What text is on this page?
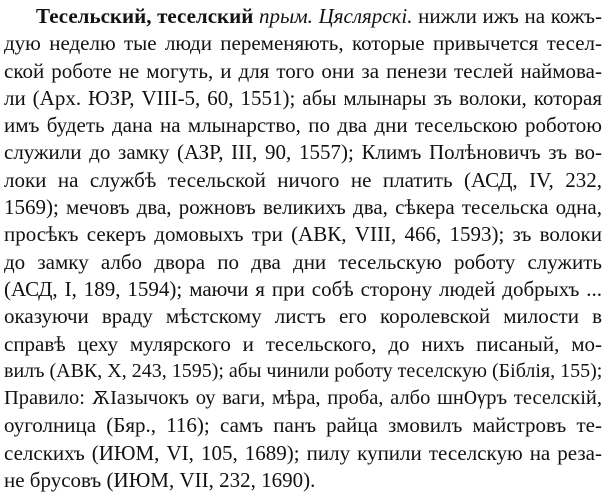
Тесельский, теселский прым. Цяслярскі. нижли ижъ на кожъ-
дую неделю тые люди переменяють, которые привычется тесел-
ской роботе не могуть, и для того они за пенези теслей наймова-
ли (Арх. ЮЗР, VIII-5, 60, 1551); абы млынары зъ волоки, которая
имъ будеть дана на млынарство, по два дни тесельскою роботою
служили до замку (АЗР, III, 90, 1557); Климъ Полѣновичъ зъ во-
локи на службѣ тесельской ничого не платить (АСД, IV, 232,
1569); мечовъ два, рожновъ великихъ два, сѣкера тесельска одна,
просѣкъ секеръ домовыхъ три (АВК, VIII, 466, 1593); зъ волоки
до замку албо двора по два дни тесельскую роботу служить
(АСД, I, 189, 1594); маючи я при собѣ сторону людей добрыхъ ...
оказуючи враду мѣстскому листъ его королевской милости в
справѣ цеху мулярского и тесельского, до нихъ писаный, мо-
вилъ (АВК, X, 243, 1595); абы чинили роботу теселскую (Біблія, 155);
Правило: ѪІазычокъ оу ваги, мѣра, проба, албо шнѸръ теселскій,
оуголница (Бяр., 116); самъ панъ райца змовилъ майстровъ те-
селскихъ (ИЮМ, VI, 105, 1689); пилу купили теселскую на реза-
не брусовъ (ИЮМ, VII, 232, 1690).
